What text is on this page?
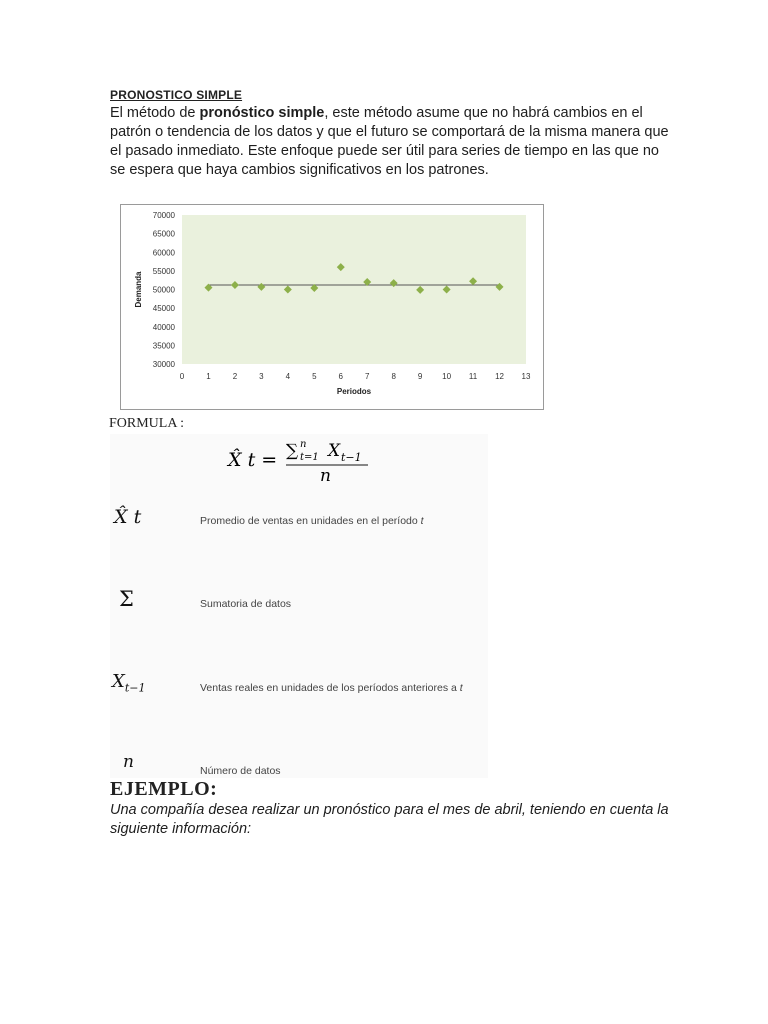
PRONOSTICO SIMPLE
El método de pronóstico simple, este método asume que no habrá cambios en el patrón o tendencia de los datos y que el futuro se comportará de la misma manera que el pasado inmediato. Este enfoque puede ser útil para series de tiempo en las que no se espera que haya cambios significativos en los patrones.
30000
35000
40000
45000
50000
55000
60000
65000
70000
0	1	2	3	4	5	6	7	8	9 10 11 12 13
Periodos
Demanda
FORMULA :
X̂ t = ∑ n
t=1 X t−1
n
X̂ t	Promedio de ventas en unidades en el período t
Σ	Sumatoria de datos
$X_{t-1}$	Ventas reales en unidades de los períodos anteriores a t
n	Número de datos
EJEMPLO:
Una compañía desea realizar un pronóstico para el mes de abril, teniendo en cuenta la siguiente información:
